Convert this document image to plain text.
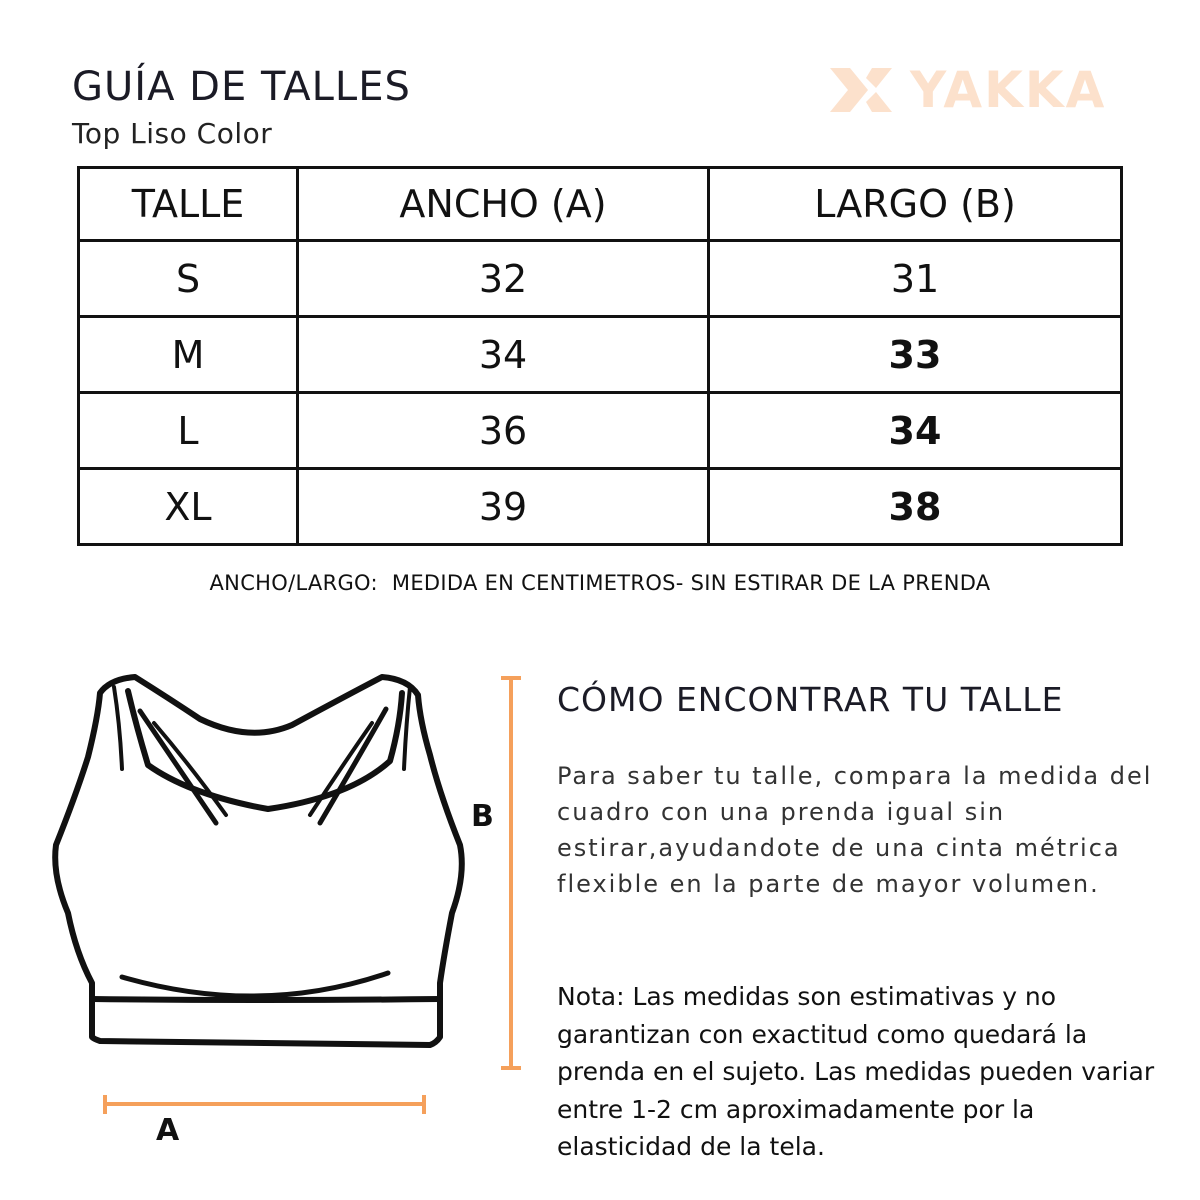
GUÍA DE TALLES
Top Liso Color
YAKKA
TALLE	ANCHO (A)	LARGO (B)
S	32	31
M	34	33
L	36	34
XL	39	38
ANCHO/LARGO: MEDIDA EN CENTIMETROS- SIN ESTIRAR DE LA PRENDA
A
B
CÓMO ENCONTRAR TU TALLE
Para saber tu talle, compara la medida del cuadro con una prenda igual sin estirar,ayudandote de una cinta métrica flexible en la parte de mayor volumen.
Nota: Las medidas son estimativas y no garantizan con exactitud como quedará la prenda en el sujeto. Las medidas pueden variar entre 1-2 cm aproximadamente por la elasticidad de la tela.
